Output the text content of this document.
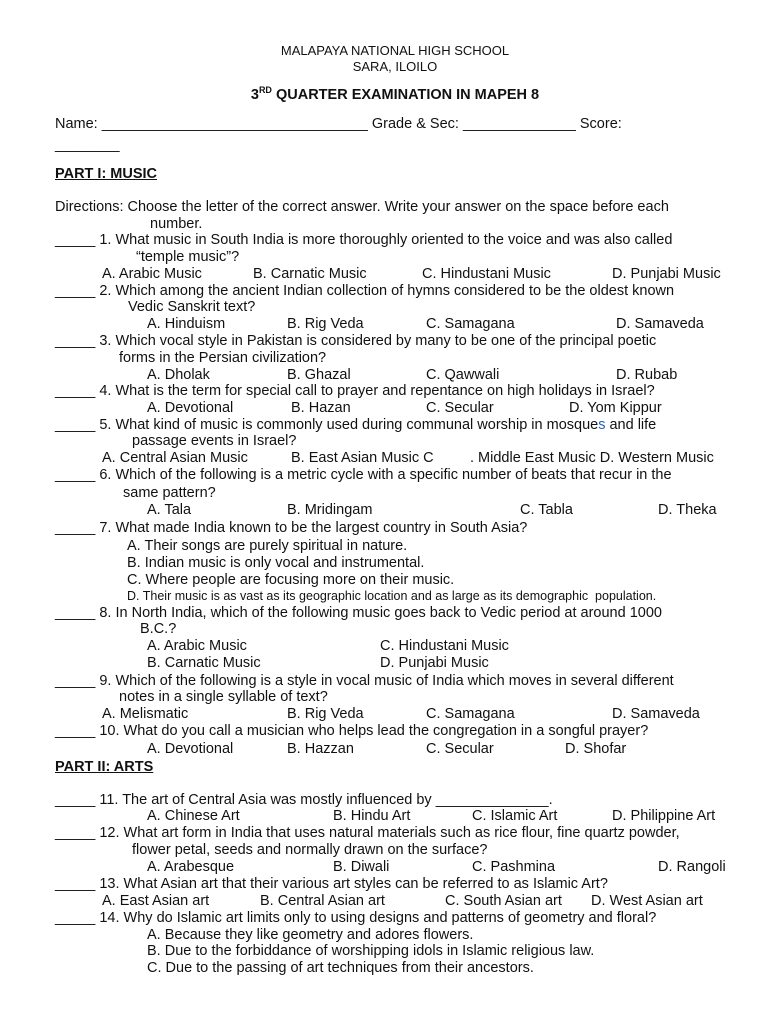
MALAPAYA NATIONAL HIGH SCHOOL
SARA, ILOILO
3RD QUARTER EXAMINATION IN MAPEH 8
Name: _________________________________ Grade & Sec: ______________ Score:
________
PART I: MUSIC
Directions: Choose the letter of the correct answer. Write your answer on the space before each
number.
_____ 1. What music in South India is more thoroughly oriented to the voice and was also called
“temple music”?
A. Arabic Music	B. Carnatic Music	C. Hindustani Music	D. Punjabi Music
_____ 2. Which among the ancient Indian collection of hymns considered to be the oldest known
Vedic Sanskrit text?
A. Hinduism	B. Rig Veda	C. Samagana	D. Samaveda
_____ 3. Which vocal style in Pakistan is considered by many to be one of the principal poetic
forms in the Persian civilization?
A. Dholak	B. Ghazal	C. Qawwali	D. Rubab
_____ 4. What is the term for special call to prayer and repentance on high holidays in Israel?
A. Devotional	B. Hazan	C. Secular	D. Yom Kippur
_____ 5. What kind of music is commonly used during communal worship in mosques and life
passage events in Israel?
A. Central Asian Music	B. East Asian Music C	. Middle East Music D. Western Music
_____ 6. Which of the following is a metric cycle with a specific number of beats that recur in the
same pattern?
A. Tala	B. Mridingam	C. Tabla	D. Theka
_____ 7. What made India known to be the largest country in South Asia?
A. Their songs are purely spiritual in nature.
B. Indian music is only vocal and instrumental.
C. Where people are focusing more on their music.
D. Their music is as vast as its geographic location and as large as its demographic  population.
_____ 8. In North India, which of the following music goes back to Vedic period at around 1000
B.C.?
A. Arabic Music	C. Hindustani Music
B. Carnatic Music	D. Punjabi Music
_____ 9. Which of the following is a style in vocal music of India which moves in several different
notes in a single syllable of text?
A. Melismatic	B. Rig Veda	C. Samagana	D. Samaveda
_____ 10. What do you call a musician who helps lead the congregation in a songful prayer?
A. Devotional	B. Hazzan	C. Secular	D. Shofar
PART II: ARTS
_____ 11. The art of Central Asia was mostly influenced by ______________.
A. Chinese Art	B. Hindu Art	C. Islamic Art	D. Philippine Art
_____ 12. What art form in India that uses natural materials such as rice flour, fine quartz powder,
flower petal, seeds and normally drawn on the surface?
A. Arabesque	B. Diwali	C. Pashmina	D. Rangoli
_____ 13. What Asian art that their various art styles can be referred to as Islamic Art?
A. East Asian art	B. Central Asian art	C. South Asian art D. West Asian art
_____ 14. Why do Islamic art limits only to using designs and patterns of geometry and floral?
A. Because they like geometry and adores flowers.
B. Due to the forbiddance of worshipping idols in Islamic religious law.
C. Due to the passing of art techniques from their ancestors.
